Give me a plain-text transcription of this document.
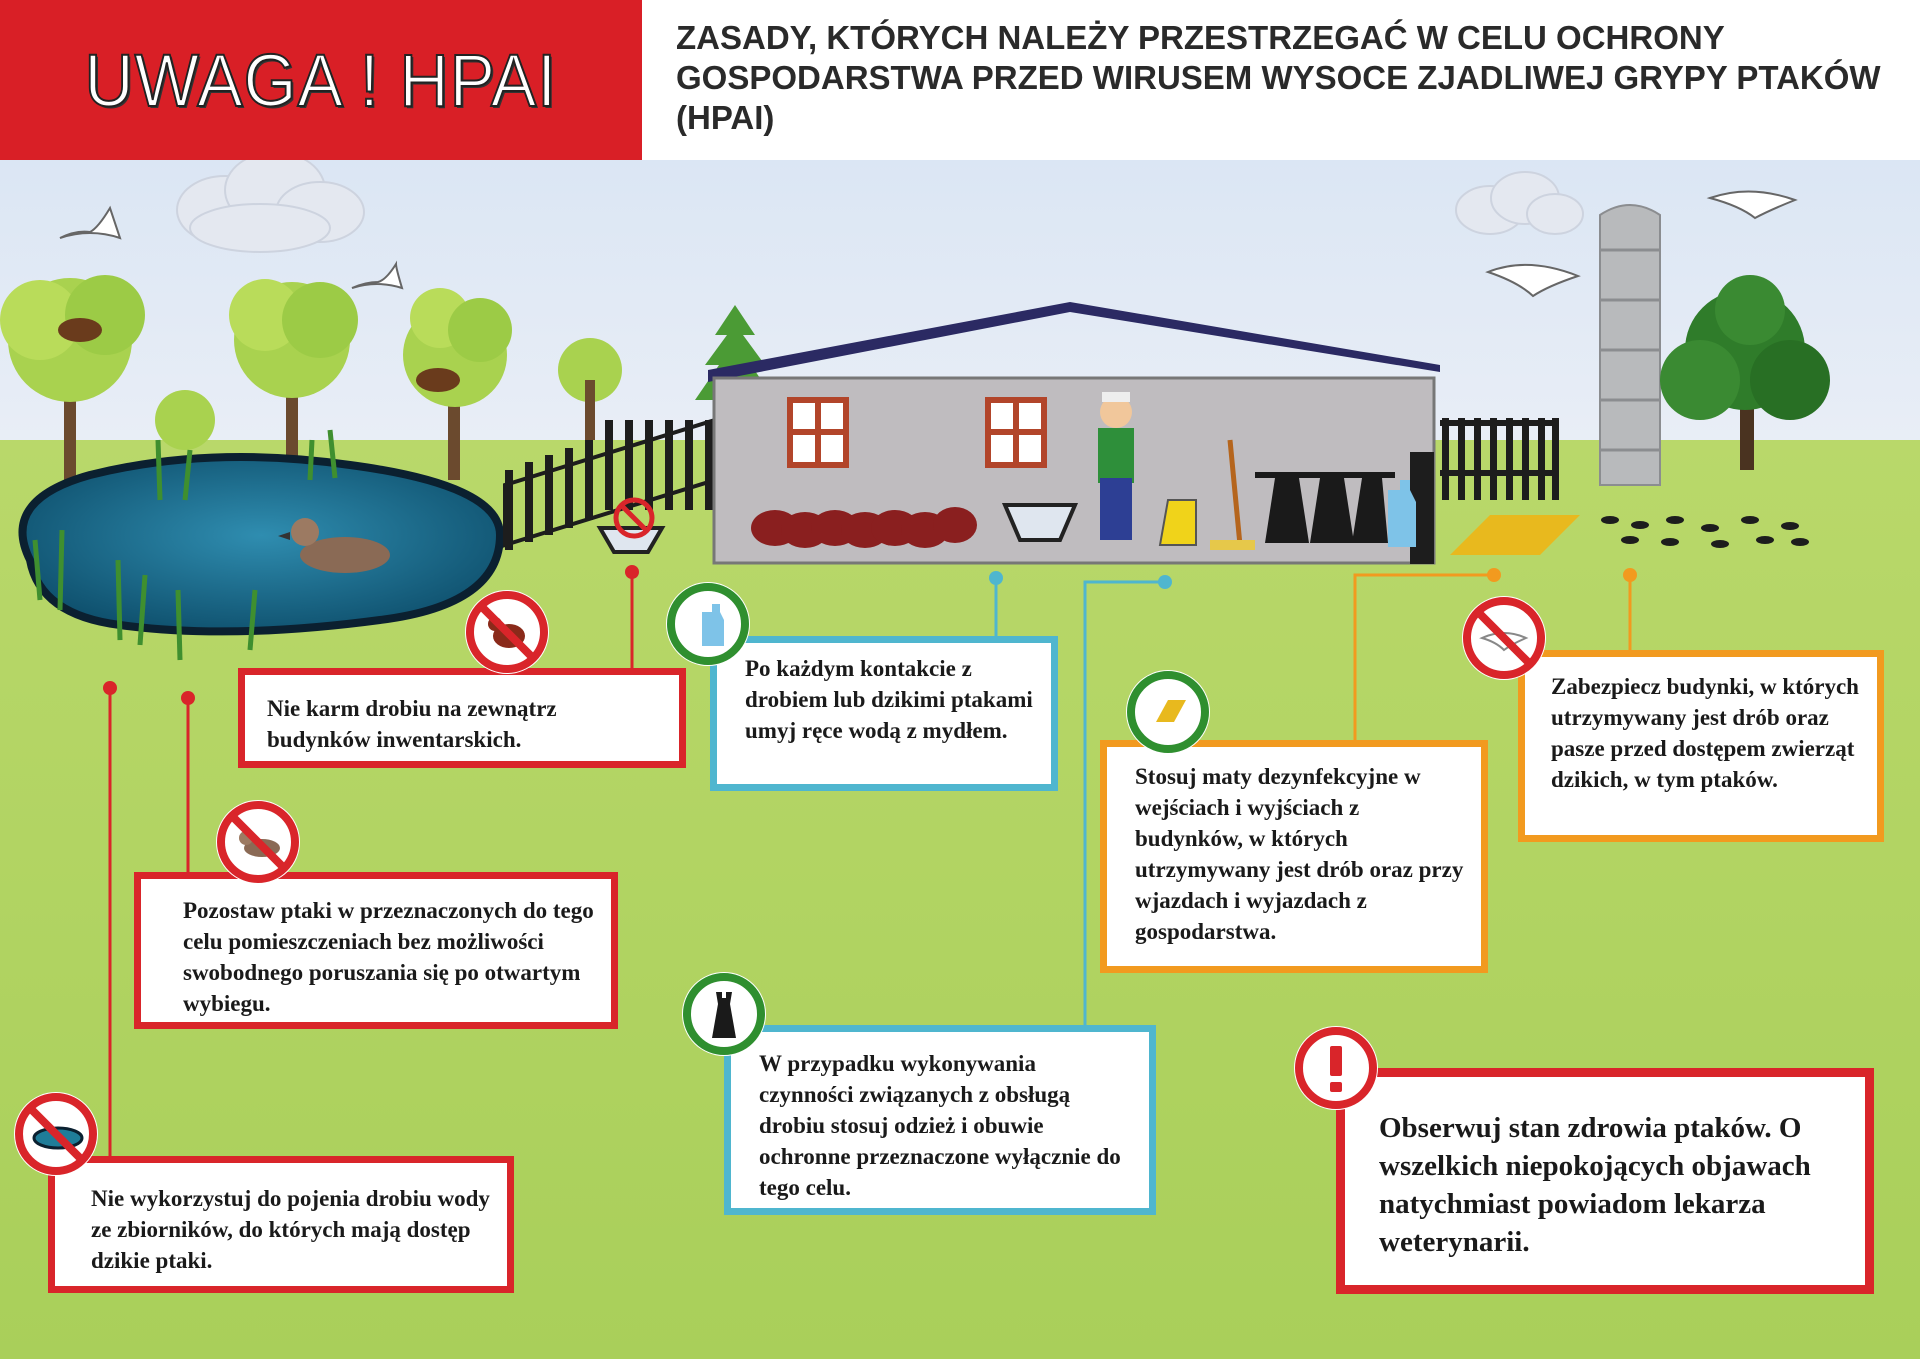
UWAGA ! HPAI
ZASADY, KTÓRYCH NALEŻY PRZESTRZEGAĆ W CELU OCHRONY GOSPODARSTWA PRZED WIRUSEM WYSOCE ZJADLIWEJ GRYPY PTAKÓW (HPAI)

Nie karm drobiu na zewnątrz budynków inwentarskich.

Po każdym kontakcie z drobiem lub dzikimi ptakami umyj ręce wodą z mydłem.

Stosuj maty dezynfekcyjne w wejściach i wyjściach z budynków, w których utrzymywany jest drób oraz przy wjazdach i wyjazdach z gospodarstwa.

Zabezpiecz budynki, w których utrzymywany jest drób oraz pasze przed dostępem zwierząt dzikich, w tym ptaków.

Pozostaw ptaki w przeznaczonych do tego celu pomieszczeniach bez możliwości swobodnego poruszania się po otwartym wybiegu.

W przypadku wykonywania czynności związanych z obsługą drobiu stosuj odzież i obuwie ochronne przeznaczone wyłącznie do tego celu.

Nie wykorzystuj do pojenia drobiu wody ze zbiorników, do których mają dostęp dzikie ptaki.

Obserwuj stan zdrowia ptaków. O wszelkich niepokojących objawach natychmiast powiadom lekarza weterynarii.
